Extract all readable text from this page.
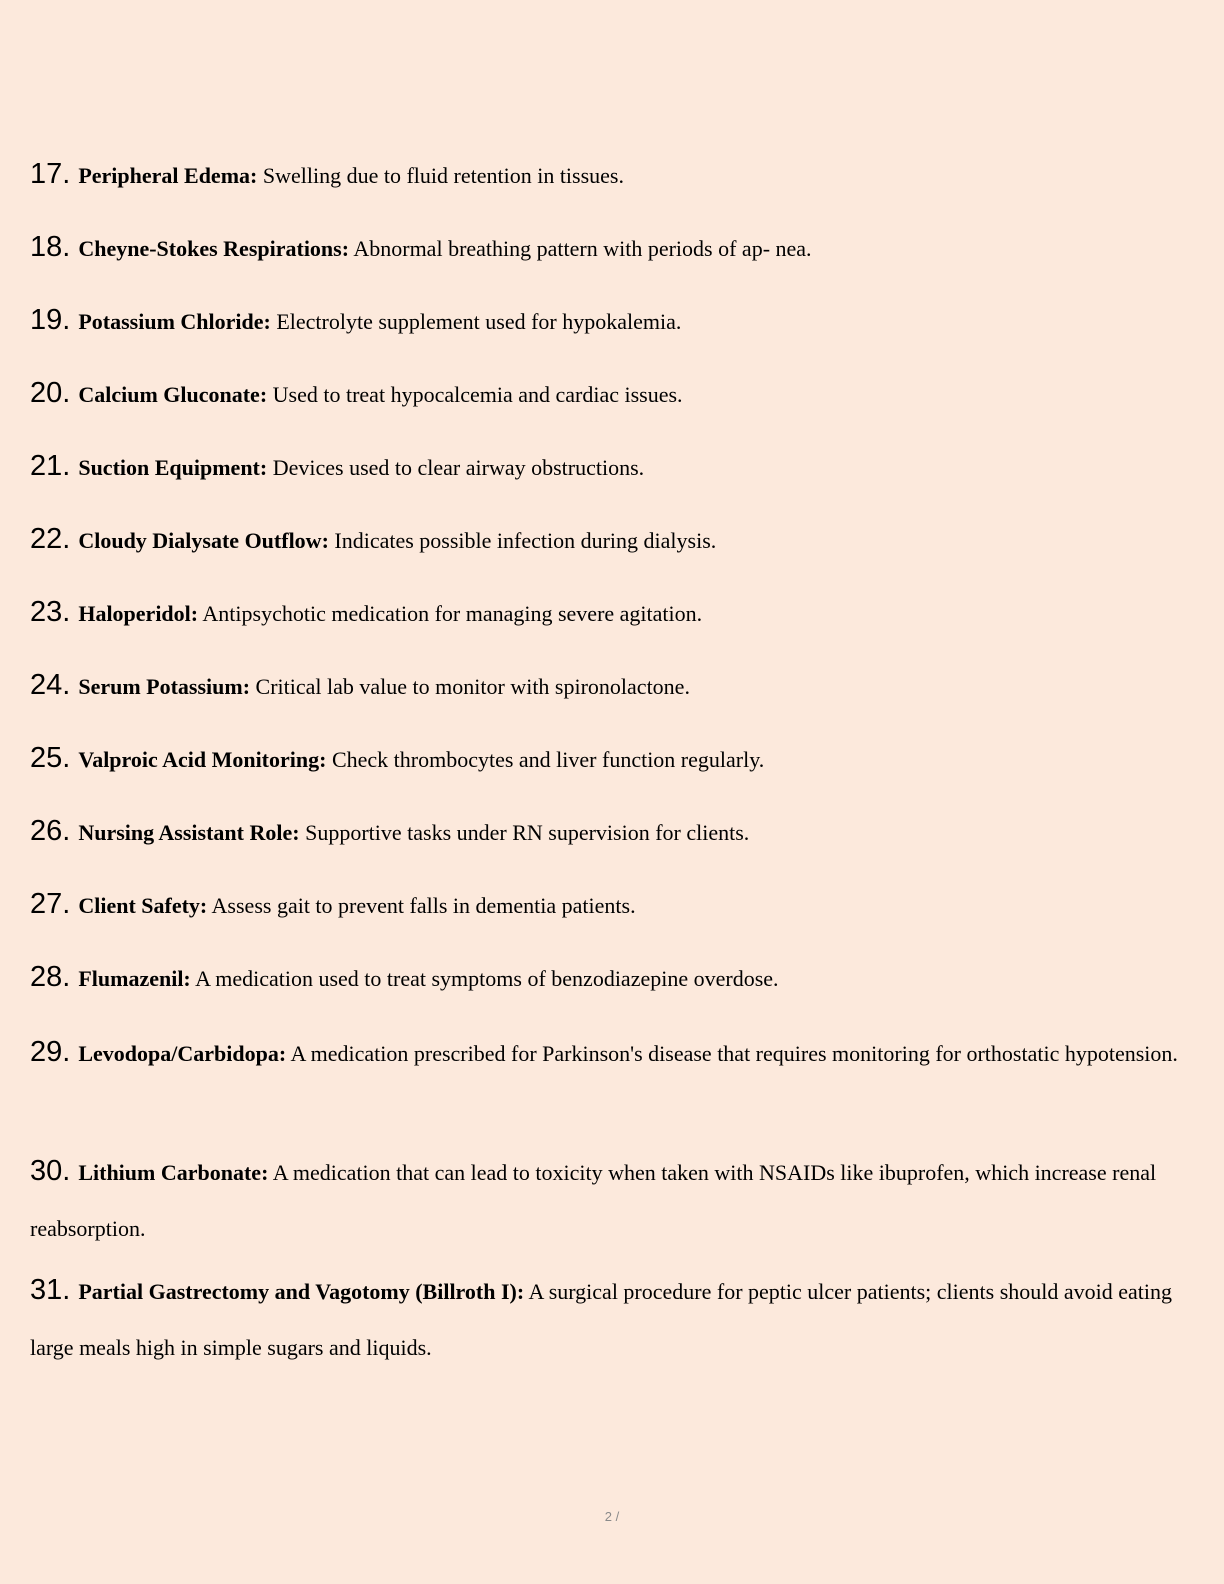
17. Peripheral Edema: Swelling due to fluid retention in tissues.

18. Cheyne-Stokes Respirations: Abnormal breathing pattern with periods of ap- nea.

19. Potassium Chloride: Electrolyte supplement used for hypokalemia.

20. Calcium Gluconate: Used to treat hypocalcemia and cardiac issues.

21. Suction Equipment: Devices used to clear airway obstructions.

22. Cloudy Dialysate Outflow: Indicates possible infection during dialysis.

23. Haloperidol: Antipsychotic medication for managing severe agitation.

24. Serum Potassium: Critical lab value to monitor with spironolactone.

25. Valproic Acid Monitoring: Check thrombocytes and liver function regularly.

26. Nursing Assistant Role: Supportive tasks under RN supervision for clients.

27. Client Safety: Assess gait to prevent falls in dementia patients.

28. Flumazenil: A medication used to treat symptoms of benzodiazepine overdose.

29. Levodopa/Carbidopa: A medication prescribed for Parkinson's disease that requires monitoring for orthostatic hypotension.

30. Lithium Carbonate: A medication that can lead to toxicity when taken with NSAIDs like ibuprofen, which increase renal reabsorption.

31. Partial Gastrectomy and Vagotomy (Billroth I): A surgical procedure for peptic ulcer patients; clients should avoid eating large meals high in simple sugars and liquids.

2 /
